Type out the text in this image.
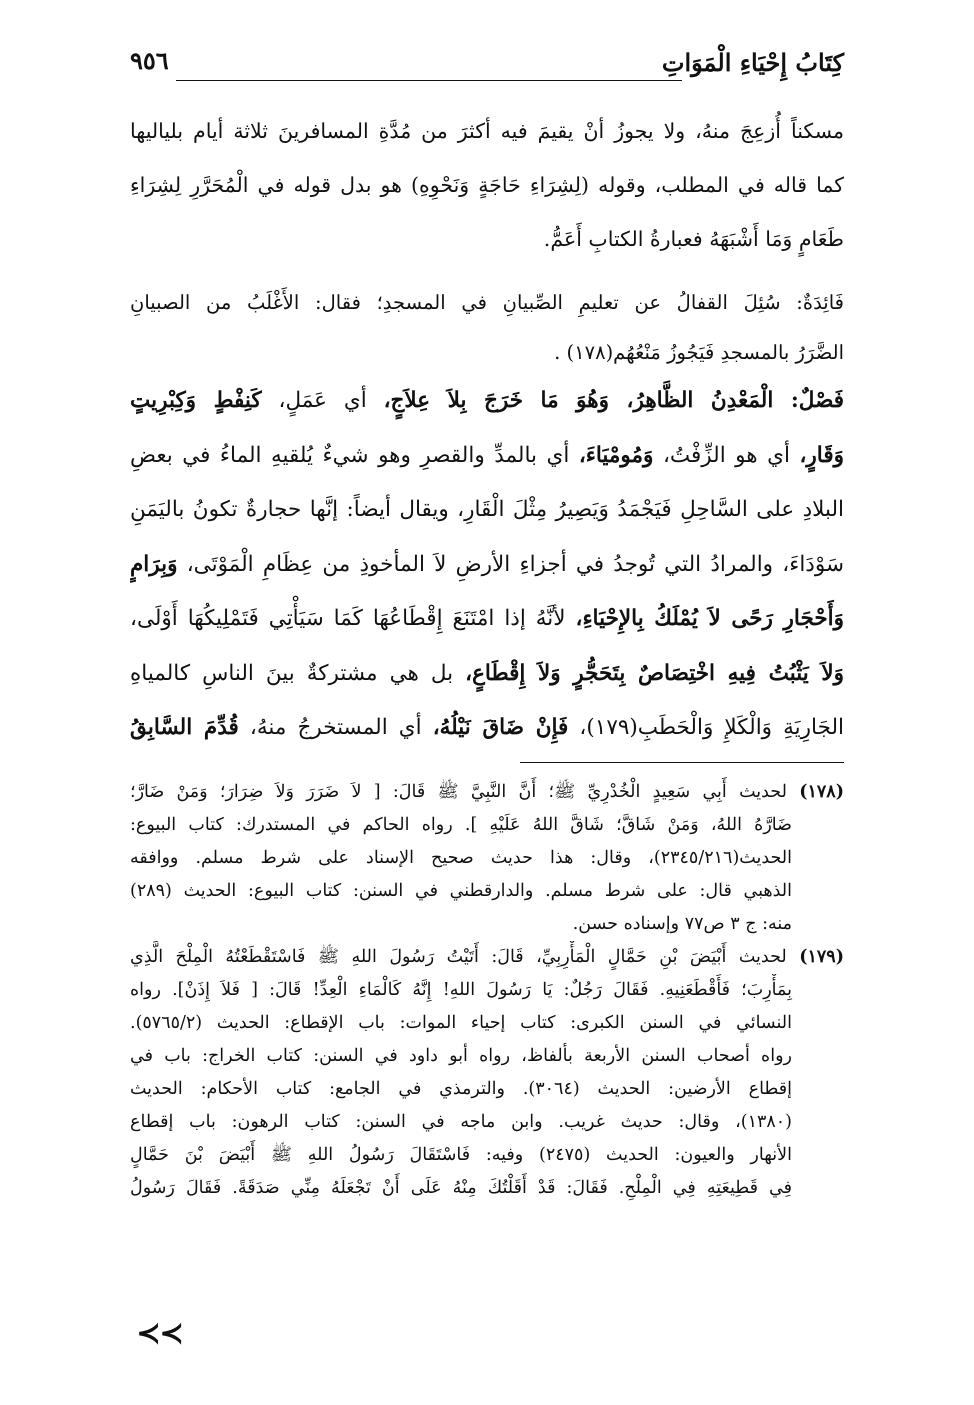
كِتَابُ إِحْيَاءِ الْمَوَاتِ
٩٥٦
مسكناً أُزعِجَ منهُ، ولا يجوزُ أنْ يقيمَ فيه أكثرَ من مُدَّةِ المسافرينَ ثلاثة أيام بلياليها
كما قاله في المطلب، وقوله (لِشِرَاءِ حَاجَةٍ وَنَحْوِهِ) هو بدل قوله في الْمُحَرَّرِ لِشِرَاءِ
طَعَامٍ وَمَا أَشْبَهَهُ فعبارةُ الكتابِ أَعَمُّ.
فَائِدَةٌ: سُئِلَ القفالُ عن تعليمِ الصِّبيانِ في المسجدِ؛ فقال: الأَغْلَبُ من الصبيانِ
الضَّرَرُ بالمسجدِ فَيَجُوزُ مَنْعُهُم(١٧٨) .
فَصْلٌ: الْمَعْدِنُ الظَّاهِرُ، وَهُوَ مَا خَرَجَ بِلاَ عِلاَجٍ، أي عَمَلٍ، كَنِفْطٍ وَكِبْرِيتٍ
وَقَارٍ، أي هو الزِّفْتُ، وَمُومْيَاءَ، أي بالمدِّ والقصرِ وهو شيءٌ يُلقيهِ الماءُ في بعضِ
البلادِ على السَّاحِلِ فَيَجْمَدُ وَيَصِيرُ مِثْلَ الْقَارِ، ويقال أيضاً: إنَّها حجارةٌ تكونُ باليَمَنِ
سَوْدَاءَ، والمرادُ التي تُوجدُ في أجزاءِ الأرضِ لاَ المأخوذِ من عِظَامِ الْمَوْتَى، وَبِرَامٍ
وَأَحْجَارِ رَحًى لاَ يُمْلَكُ بِالإِحْيَاءِ، لأنَّهُ إذا امْتَنَعَ إِقْطَاعُهَا كَمَا سَيَأْتِي فَتَمْلِيكُهَا أَوْلَى،
وَلاَ يَثْبُتُ فِيهِ اخْتِصَاصٌ بِتَحَجُّرٍ وَلاَ إِقْطَاعٍ، بل هي مشتركةٌ بينَ الناسِ كالمياهِ
الجَارِيَةِ وَالْكَلإِ وَالْحَطَبِ(١٧٩)، فَإِنْ ضَاقَ نَيْلُهُ، أي المستخرجُ منهُ، قُدِّمَ السَّابِقُ
(١٧٨) لحديث أَبِي سَعِيدٍ الْخُدْرِيِّ ﷺ؛ أَنَّ النَّبِيَّ ﷺ قَالَ: [ لاَ ضَرَرَ وَلاَ ضِرَارَ؛ وَمَنْ ضَارَّ؛
ضَارَّهُ اللهُ، وَمَنْ شَاقَّ؛ شَاقَّ اللهُ عَلَيْهِ ]. رواه الحاكم في المستدرك: كتاب البيوع:
الحديث(٢٣٤٥/٢١٦)، وقال: هذا حديث صحيح الإسناد على شرط مسلم. ووافقه
الذهبي قال: على شرط مسلم. والدارقطني في السنن: كتاب البيوع: الحديث (٢٨٩)
منه: ج ٣ ص٧٧ وإسناده حسن.
(١٧٩) لحديث أَبْيَضَ بْنِ حَمَّالٍ الْمَأْرِبِيِّ، قَالَ: أَتَيْتُ رَسُولَ اللهِ ﷺ فَاسْتَقْطَعْتُهُ الْمِلْحَ الَّذِي
بِمَأْرِبَ؛ فَأَقْطَعَنِيهِ. فَقَالَ رَجُلٌ: يَا رَسُولَ اللهِ! إِنَّهُ كَالْمَاءِ الْعِدِّ! قَالَ: [ فَلاَ إِذَنْ]. رواه
النسائي في السنن الكبرى: كتاب إحياء الموات: باب الإقطاع: الحديث (٥٧٦٥/٢).
رواه أصحاب السنن الأربعة بألفاظ، رواه أبو داود في السنن: كتاب الخراج: باب في
إقطاع الأرضين: الحديث (٣٠٦٤). والترمذي في الجامع: كتاب الأحكام: الحديث
(١٣٨٠)، وقال: حديث غريب. وابن ماجه في السنن: كتاب الرهون: باب إقطاع
الأنهار والعيون: الحديث (٢٤٧٥) وفيه: فَاسْتَقَالَ رَسُولُ اللهِ ﷺ أَبْيَضَ بْنَ حَمَّالٍ
فِي قَطِيعَتِهِ فِي الْمِلْحِ. فَقَالَ: قَدْ أَقَلْتُكَ مِنْهُ عَلَى أَنْ تَجْعَلَهُ مِنِّي صَدَقَةً. فَقَالَ رَسُولُ
≺≺
